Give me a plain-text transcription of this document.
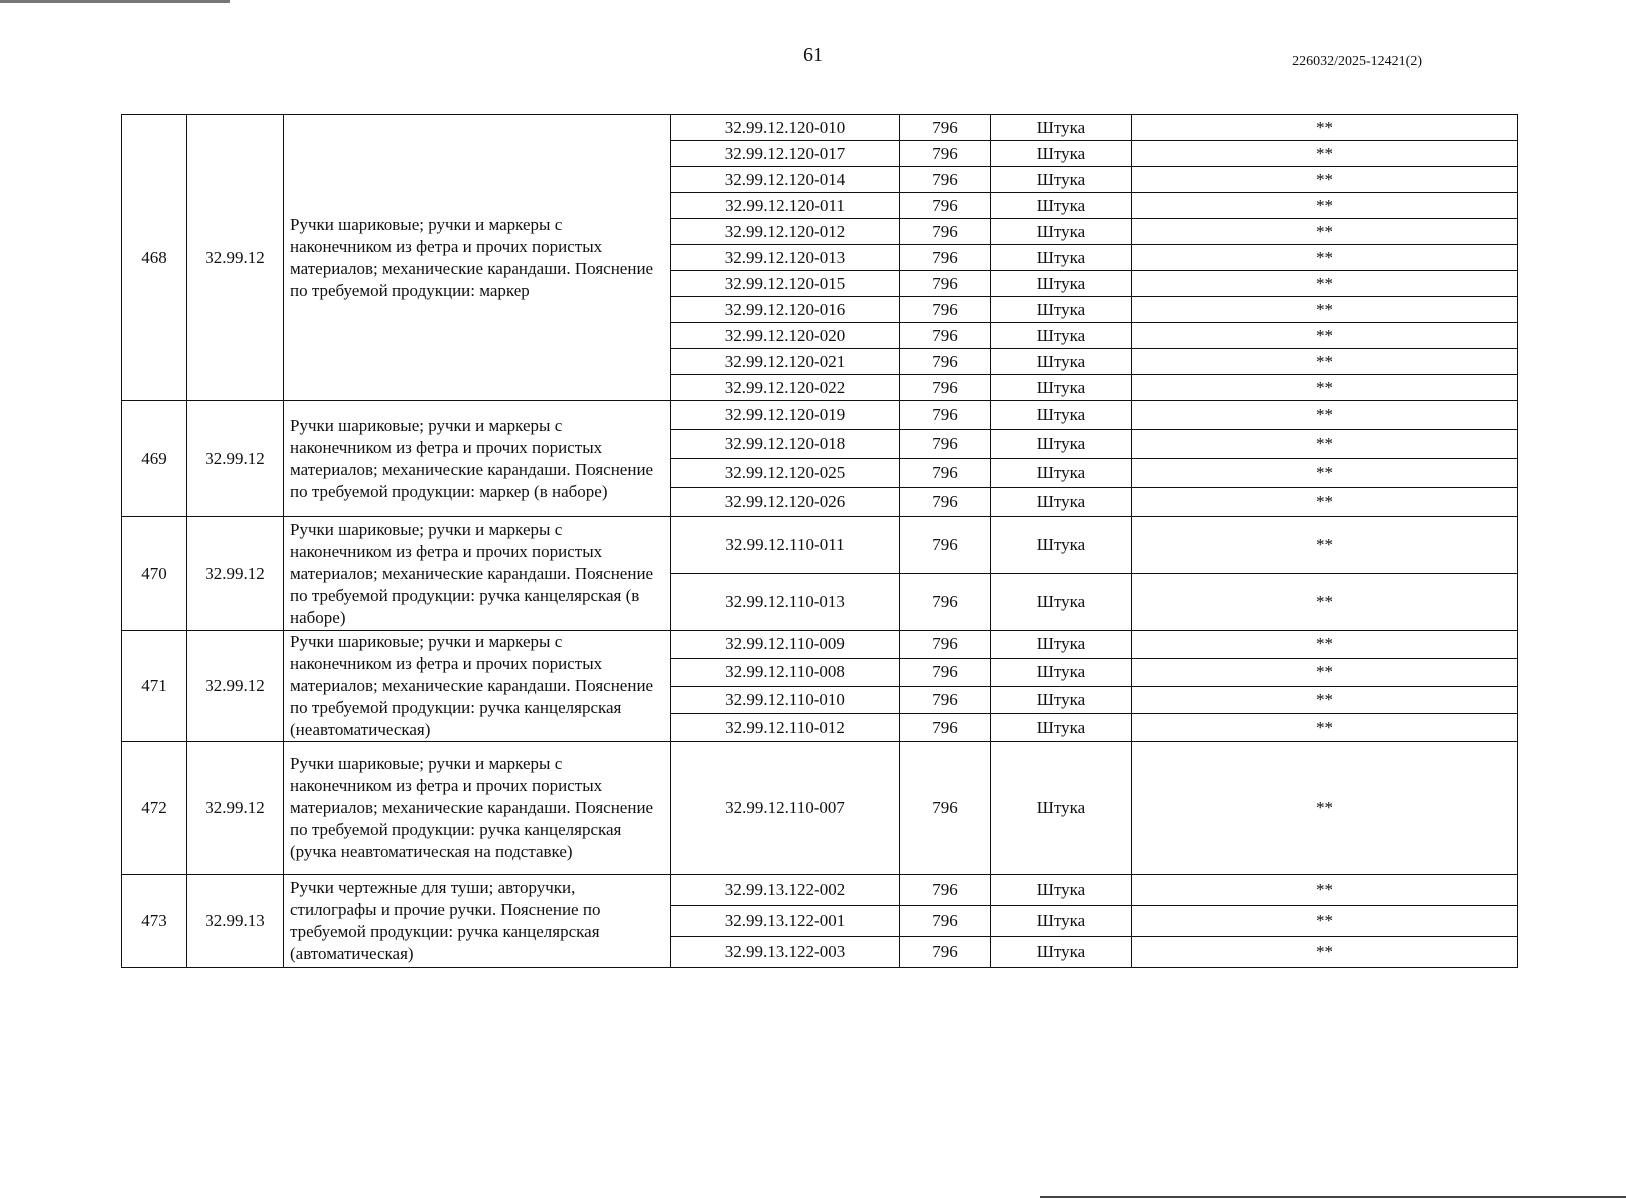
61	226032/2025-12421(2)
468	32.99.12	Ручки шариковые; ручки и маркеры с наконечником из фетра и прочих пористых материалов; механические карандаши. Пояснение по требуемой продукции: маркер	32.99.12.120-010	796	Штука	**
			32.99.12.120-017	796	Штука	**
			32.99.12.120-014	796	Штука	**
			32.99.12.120-011	796	Штука	**
			32.99.12.120-012	796	Штука	**
			32.99.12.120-013	796	Штука	**
			32.99.12.120-015	796	Штука	**
			32.99.12.120-016	796	Штука	**
			32.99.12.120-020	796	Штука	**
			32.99.12.120-021	796	Штука	**
			32.99.12.120-022	796	Штука	**
469	32.99.12	Ручки шариковые; ручки и маркеры с наконечником из фетра и прочих пористых материалов; механические карандаши. Пояснение по требуемой продукции: маркер (в наборе)	32.99.12.120-019	796	Штука	**
			32.99.12.120-018	796	Штука	**
			32.99.12.120-025	796	Штука	**
			32.99.12.120-026	796	Штука	**
470	32.99.12	Ручки шариковые; ручки и маркеры с наконечником из фетра и прочих пористых материалов; механические карандаши. Пояснение по требуемой продукции: ручка канцелярская (в наборе)	32.99.12.110-011	796	Штука	**
			32.99.12.110-013	796	Штука	**
471	32.99.12	Ручки шариковые; ручки и маркеры с наконечником из фетра и прочих пористых материалов; механические карандаши. Пояснение по требуемой продукции: ручка канцелярская (неавтоматическая)	32.99.12.110-009	796	Штука	**
			32.99.12.110-008	796	Штука	**
			32.99.12.110-010	796	Штука	**
			32.99.12.110-012	796	Штука	**
472	32.99.12	Ручки шариковые; ручки и маркеры с наконечником из фетра и прочих пористых материалов; механические карандаши. Пояснение по требуемой продукции: ручка канцелярская (ручка неавтоматическая на подставке)	32.99.12.110-007	796	Штука	**
473	32.99.13	Ручки чертежные для туши; авторучки, стилографы и прочие ручки. Пояснение по требуемой продукции: ручка канцелярская (автоматическая)	32.99.13.122-002	796	Штука	**
			32.99.13.122-001	796	Штука	**
			32.99.13.122-003	796	Штука	**
